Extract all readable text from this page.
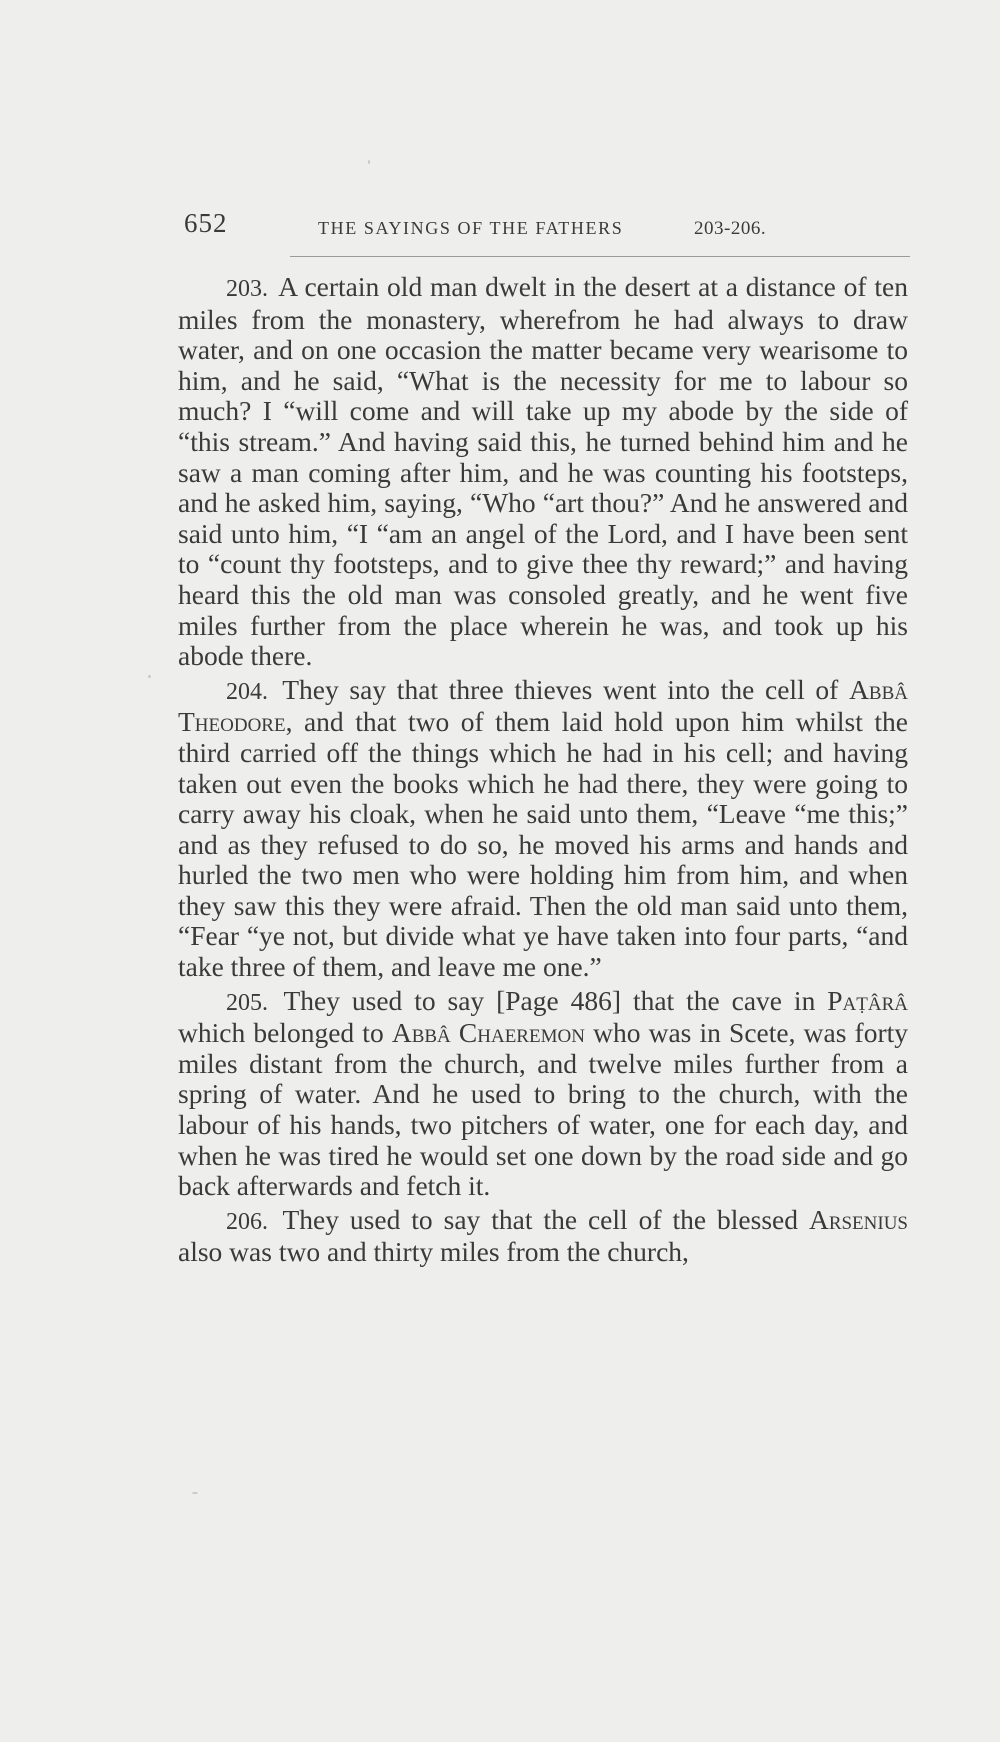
652	THE SAYINGS OF THE FATHERS	203-206.

203. A certain old man dwelt in the desert at a distance of ten miles from the monastery, wherefrom he had always to draw water, and on one occasion the matter became very wearisome to him, and he said, “What is the necessity for me to labour so much? I “will come and will take up my abode by the side of “this stream.” And having said this, he turned behind him and he saw a man coming after him, and he was counting his footsteps, and he asked him, saying, “Who “art thou?” And he answered and said unto him, “I “am an angel of the Lord, and I have been sent to “count thy footsteps, and to give thee thy reward;” and having heard this the old man was consoled greatly, and he went five miles further from the place wherein he was, and took up his abode there.

204. They say that three thieves went into the cell of Abbâ Theodore, and that two of them laid hold upon him whilst the third carried off the things which he had in his cell; and having taken out even the books which he had there, they were going to carry away his cloak, when he said unto them, “Leave “me this;” and as they refused to do so, he moved his arms and hands and hurled the two men who were holding him from him, and when they saw this they were afraid. Then the old man said unto them, “Fear “ye not, but divide what ye have taken into four parts, “and take three of them, and leave me one.”

205. They used to say [Page 486] that the cave in Paṭârâ which belonged to Abbâ Chaeremon who was in Scete, was forty miles distant from the church, and twelve miles further from a spring of water. And he used to bring to the church, with the labour of his hands, two pitchers of water, one for each day, and when he was tired he would set one down by the road side and go back afterwards and fetch it.

206. They used to say that the cell of the blessed Arsenius also was two and thirty miles from the church,
